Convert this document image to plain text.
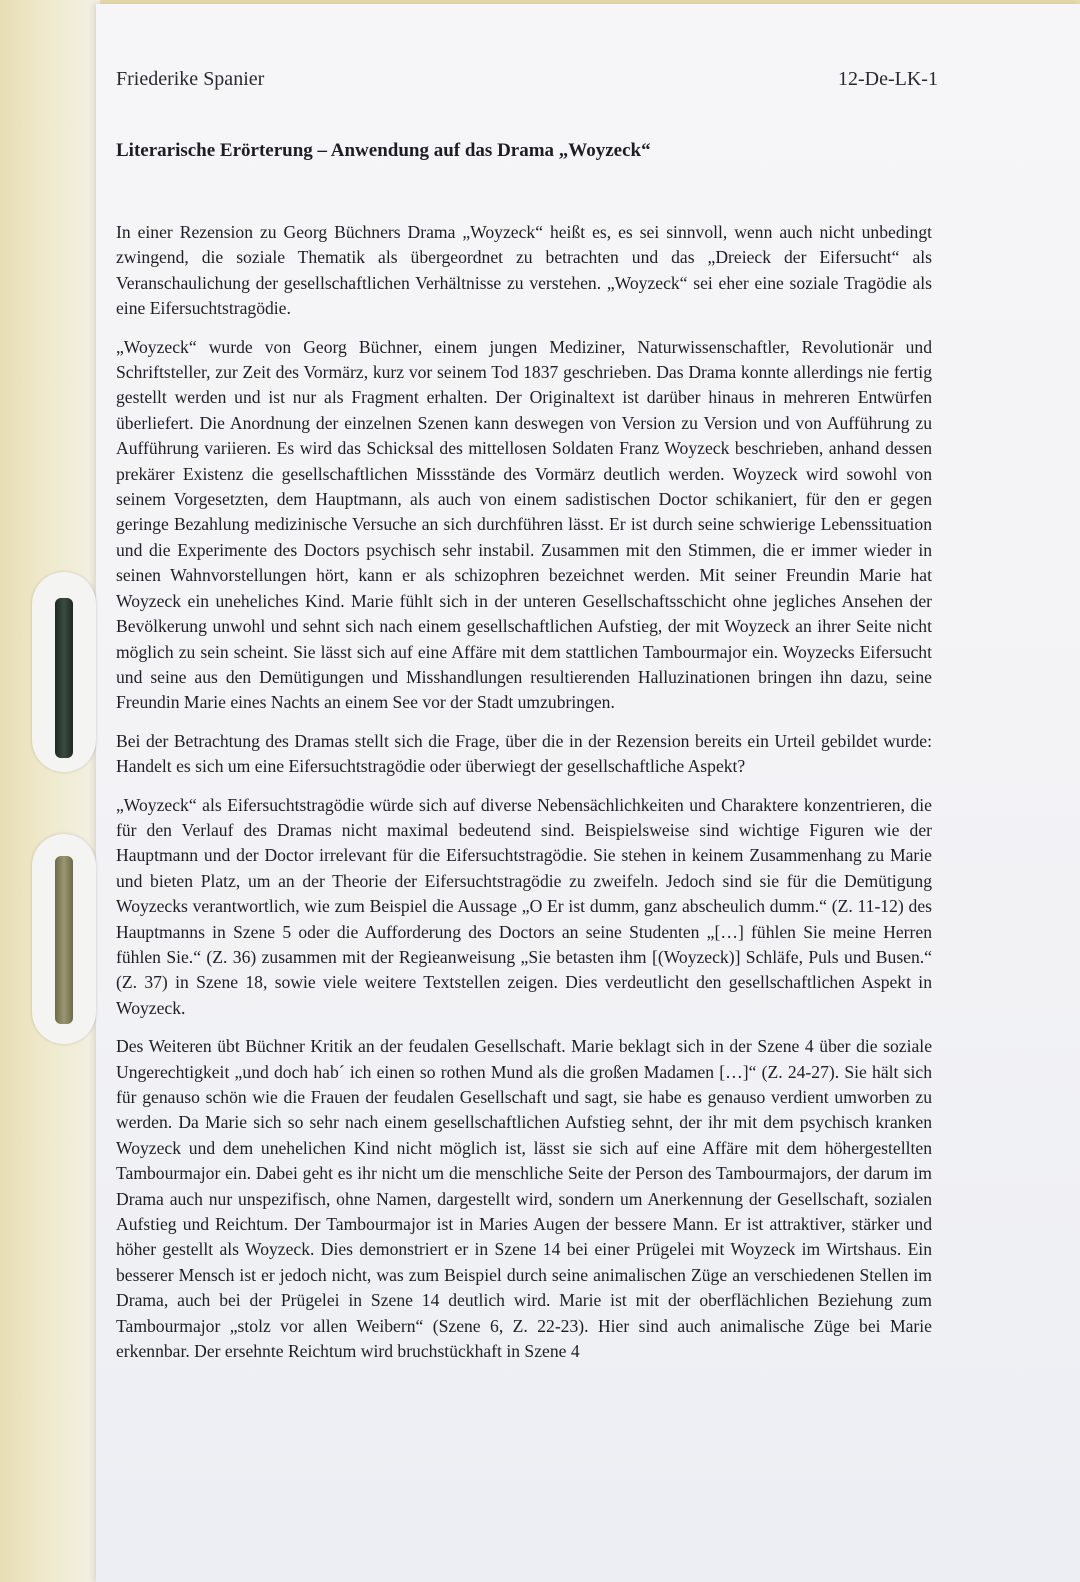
Friederike Spanier	12-De-LK-1
Literarische Erörterung – Anwendung auf das Drama „Woyzeck“

In einer Rezension zu Georg Büchners Drama „Woyzeck“ heißt es, es sei sinnvoll, wenn auch nicht unbedingt zwingend, die soziale Thematik als übergeordnet zu betrachten und das „Dreieck der Eifersucht“ als Veranschaulichung der gesellschaftlichen Verhältnisse zu verstehen. „Woyzeck“ sei eher eine soziale Tragödie als eine Eifersuchtstragödie.

„Woyzeck“ wurde von Georg Büchner, einem jungen Mediziner, Naturwissenschaftler, Revolutionär und Schriftsteller, zur Zeit des Vormärz, kurz vor seinem Tod 1837 geschrieben. Das Drama konnte allerdings nie fertig gestellt werden und ist nur als Fragment erhalten. Der Originaltext ist darüber hinaus in mehreren Entwürfen überliefert. Die Anordnung der einzelnen Szenen kann deswegen von Version zu Version und von Aufführung zu Aufführung variieren. Es wird das Schicksal des mittellosen Soldaten Franz Woyzeck beschrieben, anhand dessen prekärer Existenz die gesellschaftlichen Missstände des Vormärz deutlich werden. Woyzeck wird sowohl von seinem Vorgesetzten, dem Hauptmann, als auch von einem sadistischen Doctor schikaniert, für den er gegen geringe Bezahlung medizinische Versuche an sich durchführen lässt. Er ist durch seine schwierige Lebenssituation und die Experimente des Doctors psychisch sehr instabil. Zusammen mit den Stimmen, die er immer wieder in seinen Wahnvorstellungen hört, kann er als schizophren bezeichnet werden. Mit seiner Freundin Marie hat Woyzeck ein uneheliches Kind. Marie fühlt sich in der unteren Gesellschaftsschicht ohne jegliches Ansehen der Bevölkerung unwohl und sehnt sich nach einem gesellschaftlichen Aufstieg, der mit Woyzeck an ihrer Seite nicht möglich zu sein scheint. Sie lässt sich auf eine Affäre mit dem stattlichen Tambourmajor ein. Woyzecks Eifersucht und seine aus den Demütigungen und Misshandlungen resultierenden Halluzinationen bringen ihn dazu, seine Freundin Marie eines Nachts an einem See vor der Stadt umzubringen.

Bei der Betrachtung des Dramas stellt sich die Frage, über die in der Rezension bereits ein Urteil gebildet wurde: Handelt es sich um eine Eifersuchtstragödie oder überwiegt der gesellschaftliche Aspekt?

„Woyzeck“ als Eifersuchtstragödie würde sich auf diverse Nebensächlichkeiten und Charaktere konzentrieren, die für den Verlauf des Dramas nicht maximal bedeutend sind. Beispielsweise sind wichtige Figuren wie der Hauptmann und der Doctor irrelevant für die Eifersuchtstragödie. Sie stehen in keinem Zusammenhang zu Marie und bieten Platz, um an der Theorie der Eifersuchtstragödie zu zweifeln. Jedoch sind sie für die Demütigung Woyzecks verantwortlich, wie zum Beispiel die Aussage „O Er ist dumm, ganz abscheulich dumm.“ (Z. 11-12) des Hauptmanns in Szene 5 oder die Aufforderung des Doctors an seine Studenten „[…] fühlen Sie meine Herren fühlen Sie.“ (Z. 36) zusammen mit der Regieanweisung „Sie betasten ihm [(Woyzeck)] Schläfe, Puls und Busen.“ (Z. 37) in Szene 18, sowie viele weitere Textstellen zeigen. Dies verdeutlicht den gesellschaftlichen Aspekt in Woyzeck.

Des Weiteren übt Büchner Kritik an der feudalen Gesellschaft. Marie beklagt sich in der Szene 4 über die soziale Ungerechtigkeit „und doch hab´ ich einen so rothen Mund als die großen Madamen […]“ (Z. 24-27). Sie hält sich für genauso schön wie die Frauen der feudalen Gesellschaft und sagt, sie habe es genauso verdient umworben zu werden. Da Marie sich so sehr nach einem gesellschaftlichen Aufstieg sehnt, der ihr mit dem psychisch kranken Woyzeck und dem unehelichen Kind nicht möglich ist, lässt sie sich auf eine Affäre mit dem höhergestellten Tambourmajor ein. Dabei geht es ihr nicht um die menschliche Seite der Person des Tambourmajors, der darum im Drama auch nur unspezifisch, ohne Namen, dargestellt wird, sondern um Anerkennung der Gesellschaft, sozialen Aufstieg und Reichtum. Der Tambourmajor ist in Maries Augen der bessere Mann. Er ist attraktiver, stärker und höher gestellt als Woyzeck. Dies demonstriert er in Szene 14 bei einer Prügelei mit Woyzeck im Wirtshaus. Ein besserer Mensch ist er jedoch nicht, was zum Beispiel durch seine animalischen Züge an verschiedenen Stellen im Drama, auch bei der Prügelei in Szene 14 deutlich wird. Marie ist mit der oberflächlichen Beziehung zum Tambourmajor „stolz vor allen Weibern“ (Szene 6, Z. 22-23). Hier sind auch animalische Züge bei Marie erkennbar. Der ersehnte Reichtum wird bruchstückhaft in Szene 4
